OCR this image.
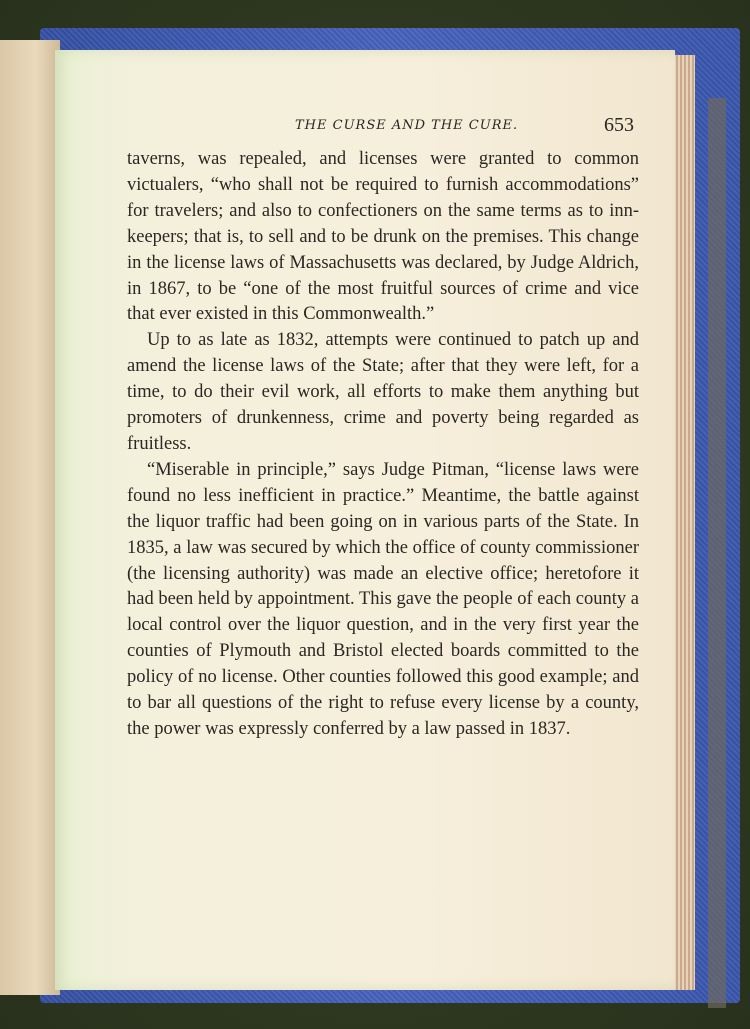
THE CURSE AND THE CURE.	653

taverns, was repealed, and licenses were granted to common victualers, “who shall not be required to furnish accommodations” for travelers; and also to confectioners on the same terms as to inn-keepers; that is, to sell and to be drunk on the premises. This change in the license laws of Massachusetts was declared, by Judge Aldrich, in 1867, to be “one of the most fruitful sources of crime and vice that ever existed in this Commonwealth.”

Up to as late as 1832, attempts were continued to patch up and amend the license laws of the State; after that they were left, for a time, to do their evil work, all efforts to make them anything but promoters of drunkenness, crime and poverty being regarded as fruitless.

“Miserable in principle,” says Judge Pitman, “license laws were found no less inefficient in practice.” Meantime, the battle against the liquor traffic had been going on in various parts of the State. In 1835, a law was secured by which the office of county commissioner (the licensing authority) was made an elective office; heretofore it had been held by appointment. This gave the people of each county a local control over the liquor question, and in the very first year the counties of Plymouth and Bristol elected boards committed to the policy of no license. Other counties followed this good example; and to bar all questions of the right to refuse every license by a county, the power was expressly conferred by a law passed in 1837.
